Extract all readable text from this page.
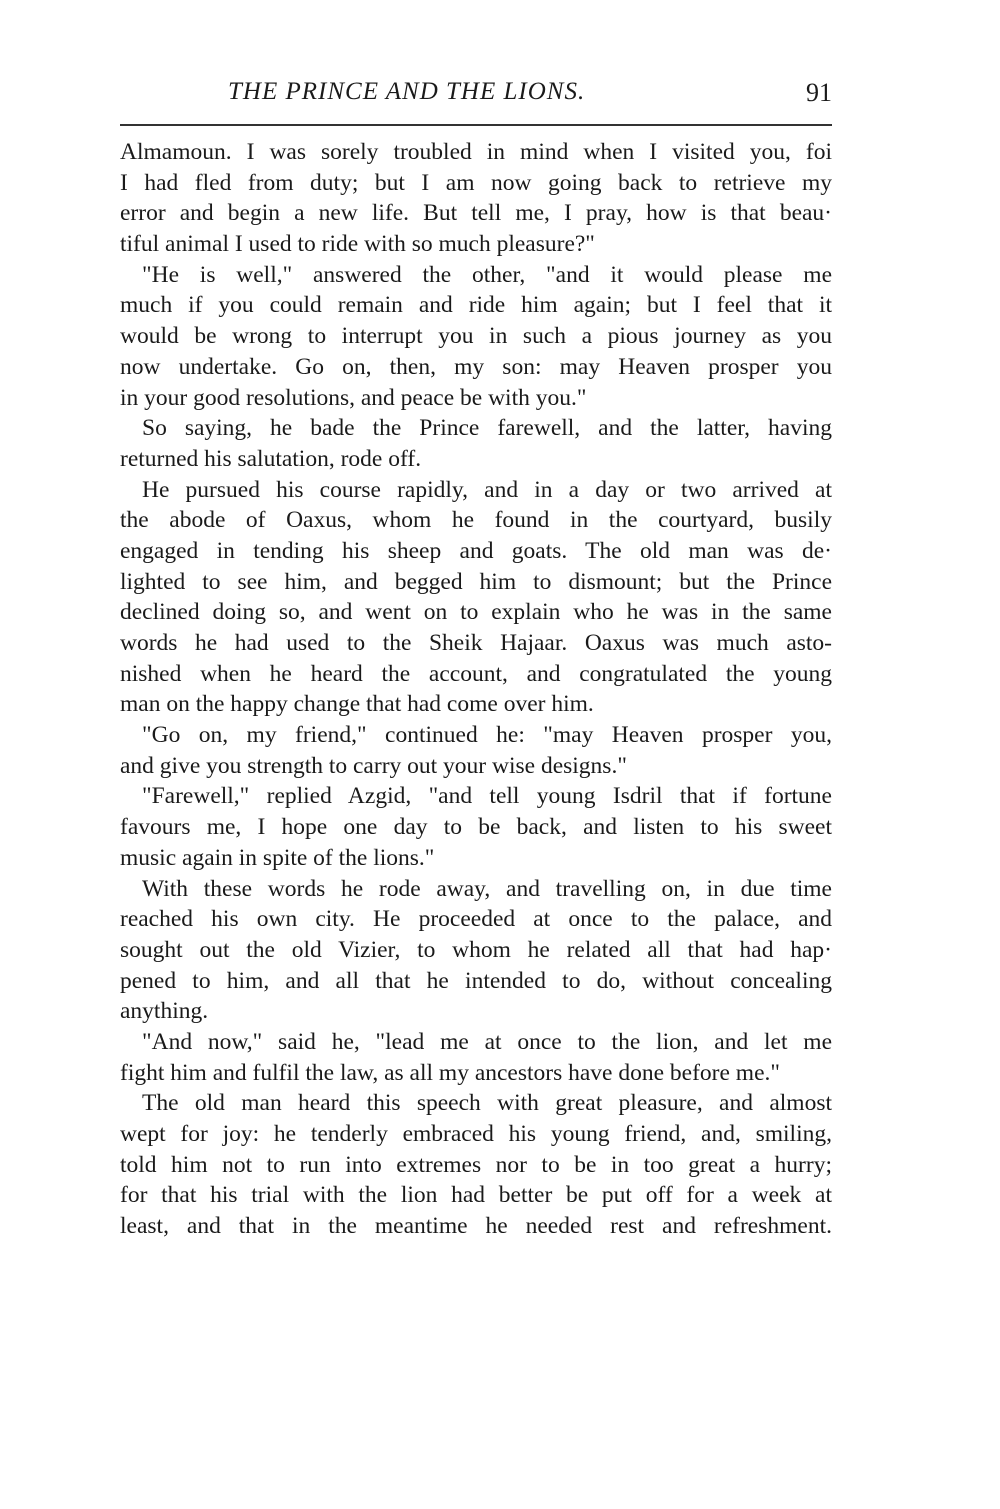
THE PRINCE AND THE LIONS.	91
Almamoun. I was sorely troubled in mind when I visited you, foi
I had fled from duty; but I am now going back to retrieve my
error and begin a new life. But tell me, I pray, how is that beau·
tiful animal I used to ride with so much pleasure?"
"He is well," answered the other, "and it would please me
much if you could remain and ride him again; but I feel that it
would be wrong to interrupt you in such a pious journey as you
now undertake. Go on, then, my son: may Heaven prosper you
in your good resolutions, and peace be with you."
So saying, he bade the Prince farewell, and the latter, having
returned his salutation, rode off.
He pursued his course rapidly, and in a day or two arrived at
the abode of Oaxus, whom he found in the courtyard, busily
engaged in tending his sheep and goats. The old man was de·
lighted to see him, and begged him to dismount; but the Prince
declined doing so, and went on to explain who he was in the same
words he had used to the Sheik Hajaar. Oaxus was much asto-
nished when he heard the account, and congratulated the young
man on the happy change that had come over him.
"Go on, my friend," continued he: "may Heaven prosper you,
and give you strength to carry out your wise designs."
"Farewell," replied Azgid, "and tell young Isdril that if fortune
favours me, I hope one day to be back, and listen to his sweet
music again in spite of the lions."
With these words he rode away, and travelling on, in due time
reached his own city. He proceeded at once to the palace, and
sought out the old Vizier, to whom he related all that had hap·
pened to him, and all that he intended to do, without concealing
anything.
"And now," said he, "lead me at once to the lion, and let me
fight him and fulfil the law, as all my ancestors have done before me."
The old man heard this speech with great pleasure, and almost
wept for joy: he tenderly embraced his young friend, and, smiling,
told him not to run into extremes nor to be in too great a hurry;
for that his trial with the lion had better be put off for a week at
least, and that in the meantime he needed rest and refreshment.
